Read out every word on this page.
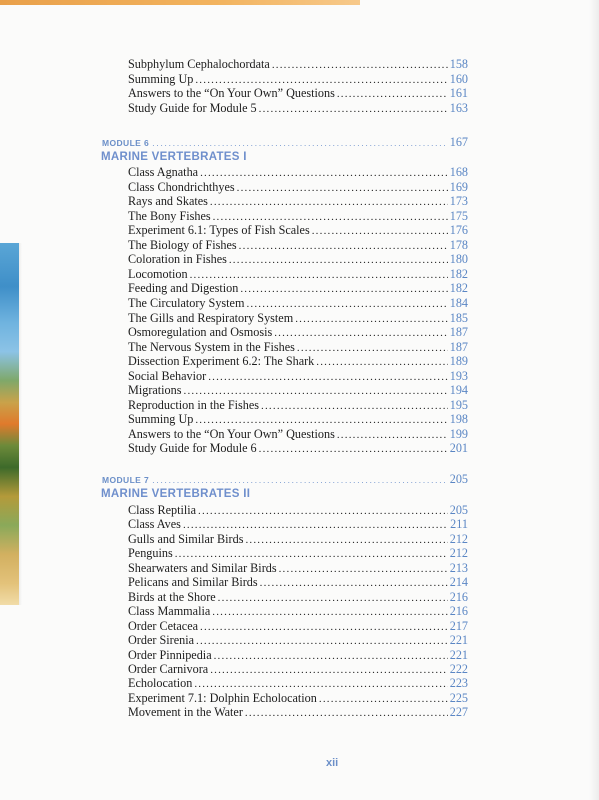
Subphylum Cephalochordata .....	158
Summing Up .....	160
Answers to the “On Your Own” Questions .....	161
Study Guide for Module 5 .....	163
MODULE 6 .....	167
MARINE VERTEBRATES I
Class Agnatha .....	168
Class Chondrichthyes .....	169
Rays and Skates .....	173
The Bony Fishes .....	175
Experiment 6.1: Types of Fish Scales .....	176
The Biology of Fishes .....	178
Coloration in Fishes .....	180
Locomotion .....	182
Feeding and Digestion .....	182
The Circulatory System .....	184
The Gills and Respiratory System .....	185
Osmoregulation and Osmosis .....	187
The Nervous System in the Fishes .....	187
Dissection Experiment 6.2: The Shark .....	189
Social Behavior .....	193
Migrations .....	194
Reproduction in the Fishes .....	195
Summing Up .....	198
Answers to the “On Your Own” Questions .....	199
Study Guide for Module 6 .....	201
MODULE 7 .....	205
MARINE VERTEBRATES II
Class Reptilia .....	205
Class Aves .....	211
Gulls and Similar Birds .....	212
Penguins .....	212
Shearwaters and Similar Birds .....	213
Pelicans and Similar Birds .....	214
Birds at the Shore .....	216
Class Mammalia .....	216
Order Cetacea .....	217
Order Sirenia .....	221
Order Pinnipedia .....	221
Order Carnivora .....	222
Echolocation .....	223
Experiment 7.1: Dolphin Echolocation .....	225
Movement in the Water .....	227
xii
